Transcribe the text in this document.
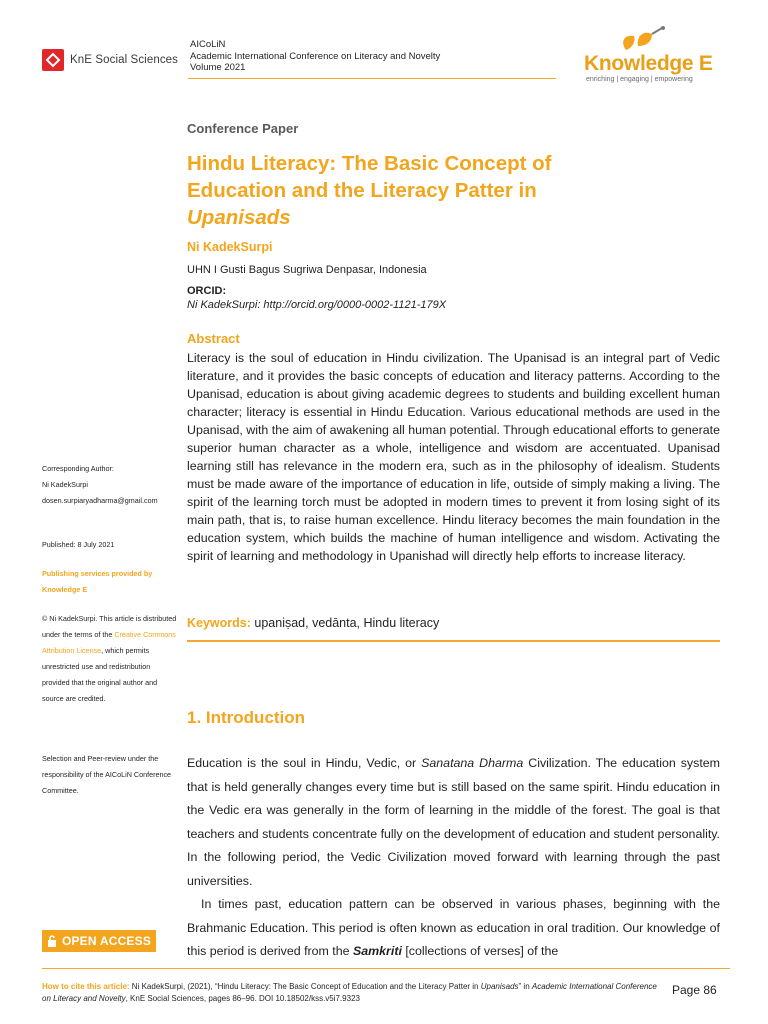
KnE Social Sciences
AICoLiN
Academic International Conference on Literacy and Novelty
Volume 2021	Knowledge E
enriching | engaging | empowering
Conference Paper
Hindu Literacy: The Basic Concept of
Education and the Literacy Patter in
Upanisads
Ni KadekSurpi
UHN I Gusti Bagus Sugriwa Denpasar, Indonesia
ORCID:
Ni KadekSurpi: http://orcid.org/0000-0002-1121-179X
Abstract
Literacy is the soul of education in Hindu civilization. The Upanisad is an integral part of Vedic literature, and it provides the basic concepts of education and literacy patterns. According to the Upanisad, education is about giving academic degrees to students and building excellent human character; literacy is essential in Hindu Education. Various educational methods are used in the Upanisad, with the aim of awakening all human potential. Through educational efforts to generate superior human character as a whole, intelligence and wisdom are accentuated. Upanisad learning still has relevance in the modern era, such as in the philosophy of idealism. Students must be made aware of the importance of education in life, outside of simply making a living. The spirit of the learning torch must be adopted in modern times to prevent it from losing sight of its main path, that is, to raise human excellence. Hindu literacy becomes the main foundation in the education system, which builds the machine of human intelligence and wisdom. Activating the spirit of learning and methodology in Upanishad will directly help efforts to increase literacy.
Keywords: upaniṣad, vedānta, Hindu literacy
1. Introduction

Education is the soul in Hindu, Vedic, or Sanatana Dharma Civilization. The education system that is held generally changes every time but is still based on the same spirit. Hindu education in the Vedic era was generally in the form of learning in the middle of the forest. The goal is that teachers and students concentrate fully on the development of education and student personality. In the following period, the Vedic Civilization moved forward with learning through the past universities.

In times past, education pattern can be observed in various phases, beginning with the Brahmanic Education. This period is often known as education in oral tradition. Our knowledge of this period is derived from the Samkriti [collections of verses] of the

Corresponding Author:
Ni KadekSurpi
dosen.surpiaryadharma@gmail.com
Published: 8 July 2021
Publishing services provided by Knowledge E
© Ni KadekSurpi. This article is distributed under the terms of the Creative Commons Attribution License, which permits unrestricted use and redistribution provided that the original author and source are credited.
Selection and Peer-review under the responsibility of the AICoLiN Conference Committee.
OPEN ACCESS
How to cite this article: Ni KadekSurpi, (2021), “Hindu Literacy: The Basic Concept of Education and the Literacy Patter in Upanisads” in Academic International Conference on Literacy and Novelty, KnE Social Sciences, pages 86–96. DOI 10.18502/kss.v5i7.9323
Page 86
